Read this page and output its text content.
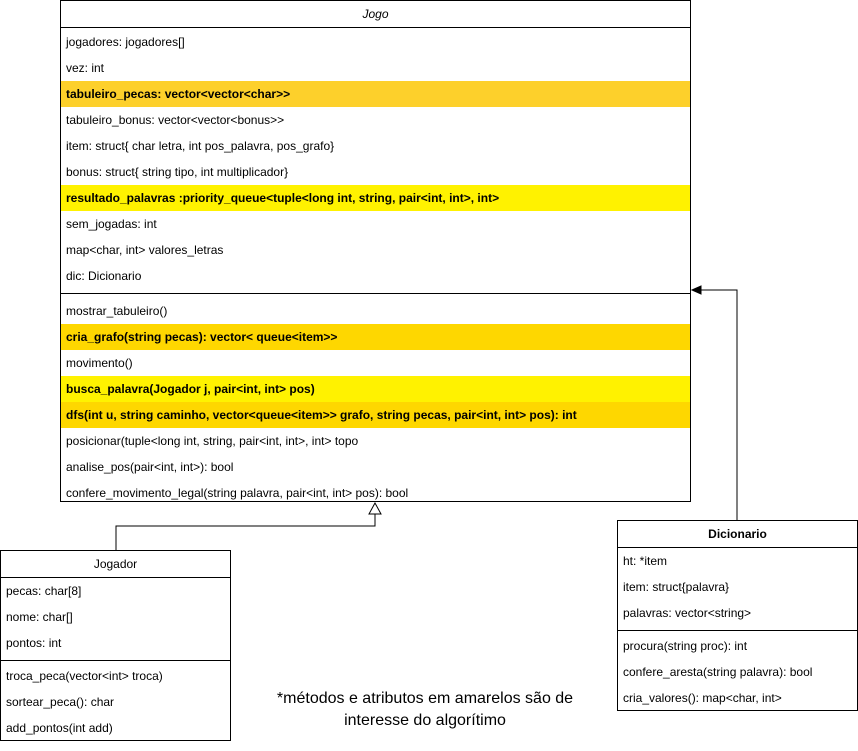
Jogo
jogadores: jogadores[]
vez: int
tabuleiro_pecas: vector<vector<char>>
tabuleiro_bonus: vector<vector<bonus>>
item: struct{ char letra, int pos_palavra, pos_grafo}
bonus: struct{ string tipo, int multiplicador}
resultado_palavras :priority_queue<tuple<long int, string, pair<int, int>, int>
sem_jogadas: int
map<char, int> valores_letras
dic: Dicionario
mostrar_tabuleiro()
cria_grafo(string pecas): vector< queue<item>>
movimento()
busca_palavra(Jogador j, pair<int, int> pos)
dfs(int u, string caminho, vector<queue<item>> grafo, string pecas, pair<int, int> pos): int
posicionar(tuple<long int, string, pair<int, int>, int> topo
analise_pos(pair<int, int>): bool
confere_movimento_legal(string palavra, pair<int, int> pos): bool
Jogador
pecas: char[8]
nome: char[]
pontos: int
troca_peca(vector<int> troca)
sortear_peca(): char
add_pontos(int add)
Dicionario
ht: *item
item: struct{palavra}
palavras: vector<string>
procura(string proc): int
confere_aresta(string palavra): bool
cria_valores(): map<char, int>
*métodos e atributos em amarelos são de
interesse do algorítimo
